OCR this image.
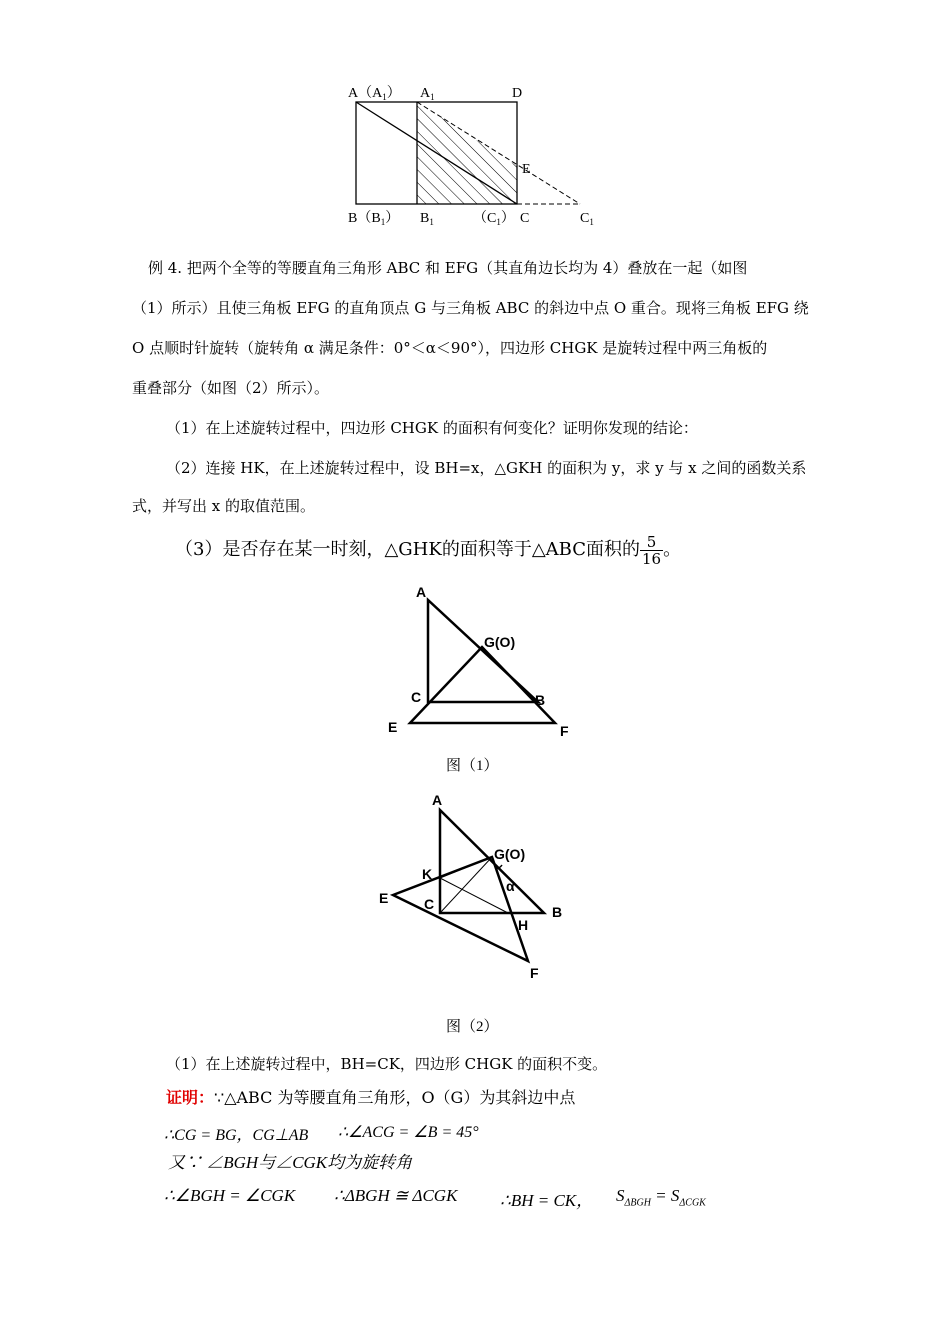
$A(A_1)$ $A_1$	D
E
$B(B_1)$ $B_1$	$(C_1)$ C	$C_1$
例 4. 把两个全等的等腰直角三角形 ABC 和 EFG（其直角边长均为 4）叠放在一起（如图
（1）所示）且使三角板 EFG 的直角顶点 G 与三角板 ABC 的斜边中点 O 重合。现将三角板 EFG 绕
O 点顺时针旋转（旋转角 α 满足条件：0°＜α＜90°），四边形 CHGK 是旋转过程中两三角板的
重叠部分（如图（2）所示）。
（1）在上述旋转过程中，四边形 CHGK 的面积有何变化？证明你发现的结论：
（2）连接 HK，在上述旋转过程中，设 BH=x，△GKH 的面积为 y，求 y 与 x 之间的函数关系
式，并写出 x 的取值范围。
（3）是否存在某一时刻，△GHK的面积等于△ABC面积的 $\frac{5}{16}$ 。
A
G(O)
C	B
E	F
图（1）
A
G(O)
K
α
E	C	B
H
F
图（2）
（1）在上述旋转过程中，BH=CK，四边形 CHGK 的面积不变。
证明：∵△ABC 为等腰直角三角形，O（G）为其斜边中点
∴CG = BG，CG⊥AB ∴∠ACG = ∠B = 45°
又∵ ∠BGH与∠CGK均为旋转角
∴∠BGH = ∠CGK ∴ΔBGH ≅ ΔCGK	∴BH = CK， $S_{\Delta BGH} = S_{\Delta CGK}$
